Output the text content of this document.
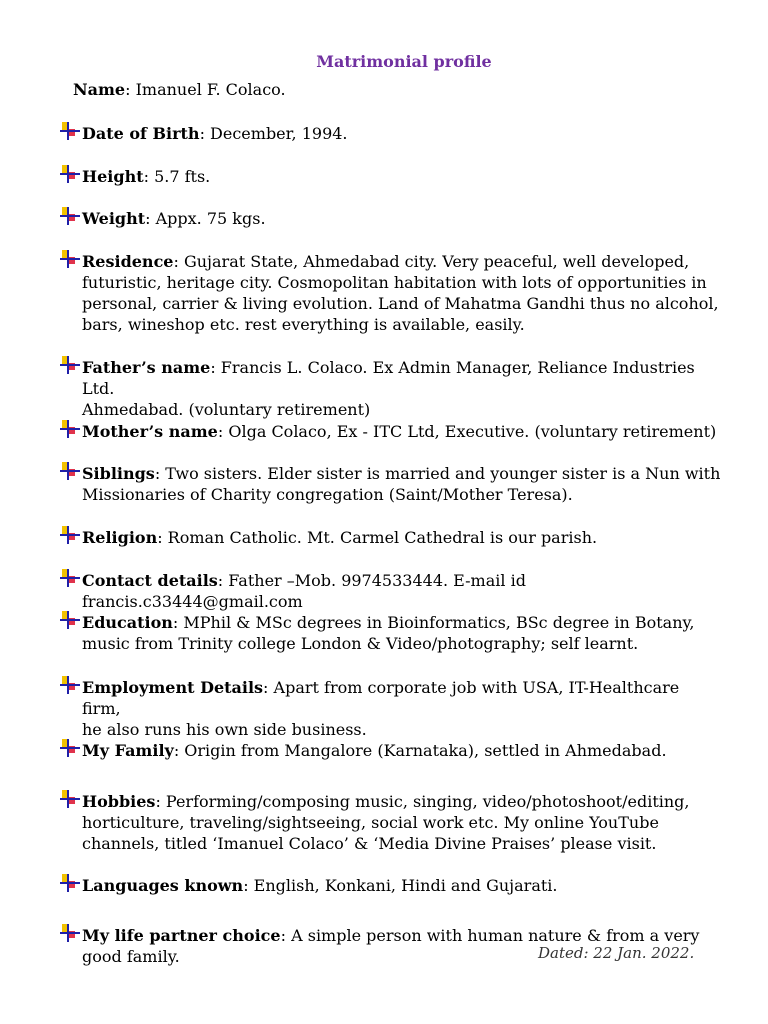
Matrimonial profile
Name: Imanuel F. Colaco.
Date of Birth: December, 1994.
Height: 5.7 fts.
Weight: Appx. 75 kgs.
Residence: Gujarat State, Ahmedabad city. Very peaceful, well developed,
futuristic, heritage city. Cosmopolitan habitation with lots of opportunities in
personal, carrier & living evolution. Land of Mahatma Gandhi thus no alcohol,
bars, wineshop etc. rest everything is available, easily.
Father’s name: Francis L. Colaco. Ex Admin Manager, Reliance Industries Ltd.
Ahmedabad. (voluntary retirement)
Mother’s name: Olga Colaco, Ex - ITC Ltd, Executive. (voluntary retirement)
Siblings: Two sisters. Elder sister is married and younger sister is a Nun with
Missionaries of Charity congregation (Saint/Mother Teresa).
Religion: Roman Catholic. Mt. Carmel Cathedral is our parish.
Contact details: Father –Mob. 9974533444. E-mail id francis.c33444@gmail.com
Education: MPhil & MSc degrees in Bioinformatics, BSc degree in Botany,
music from Trinity college London & Video/photography; self learnt.
Employment Details: Apart from corporate job with USA, IT-Healthcare firm,
he also runs his own side business.
My Family: Origin from Mangalore (Karnataka), settled in Ahmedabad.
Hobbies: Performing/composing music, singing, video/photoshoot/editing,
horticulture, traveling/sightseeing, social work etc. My online YouTube
channels, titled ‘Imanuel Colaco’ & ‘Media Divine Praises’ please visit.
Languages known: English, Konkani, Hindi and Gujarati.
My life partner choice: A simple person with human nature & from a very
good family.	Dated: 22 Jan. 2022.
